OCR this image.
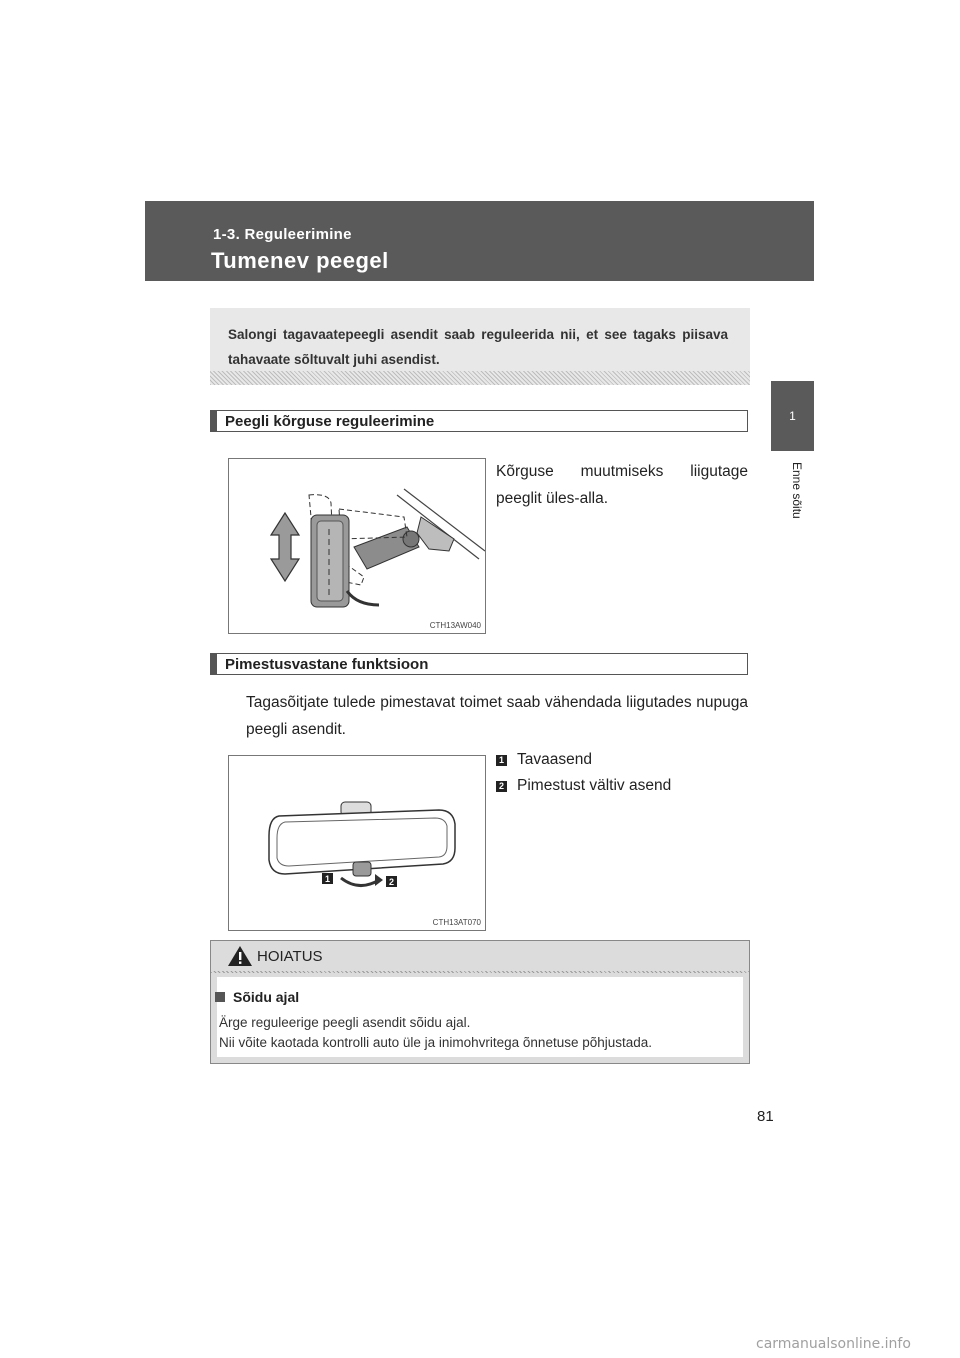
1-3. Reguleerimine
Tumenev peegel
1
Enne sõitu
Salongi tagavaatepeegli asendit saab reguleerida nii, et see tagaks piisava tahavaate sõltuvalt juhi asendist.
Peegli kõrguse reguleerimine
CTH13AW040
Kõrguse muutmiseks liigutage peeglit üles-alla.
Pimestusvastane funktsioon
Tagasõitjate tulede pimestavat toimet saab vähendada liigutades nupuga peegli asendit.
1 Tavaasend
2 Pimestust vältiv asend
1	2
CTH13AT070
HOIATUS
Sõidu ajal
Ärge reguleerige peegli asendit sõidu ajal.
Nii võite kaotada kontrolli auto üle ja inimohvritega õnnetuse põhjustada.
81
carmanualsonline.info
